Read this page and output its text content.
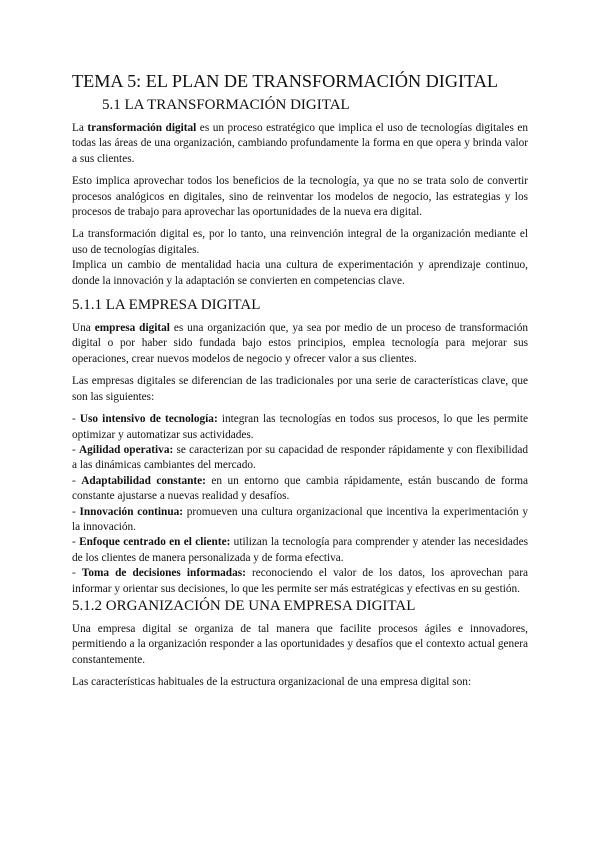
TEMA 5: EL PLAN DE TRANSFORMACIÓN DIGITAL
5.1 LA TRANSFORMACIÓN DIGITAL

La transformación digital es un proceso estratégico que implica el uso de tecnologías digitales en todas las áreas de una organización, cambiando profundamente la forma en que opera y brinda valor a sus clientes.

Esto implica aprovechar todos los beneficios de la tecnología, ya que no se trata solo de convertir procesos analógicos en digitales, sino de reinventar los modelos de negocio, las estrategias y los procesos de trabajo para aprovechar las oportunidades de la nueva era digital.

La transformación digital es, por lo tanto, una reinvención integral de la organización mediante el uso de tecnologías digitales.

Implica un cambio de mentalidad hacia una cultura de experimentación y aprendizaje continuo, donde la innovación y la adaptación se convierten en competencias clave.

5.1.1 LA EMPRESA DIGITAL

Una empresa digital es una organización que, ya sea por medio de un proceso de transformación digital o por haber sido fundada bajo estos principios, emplea tecnología para mejorar sus operaciones, crear nuevos modelos de negocio y ofrecer valor a sus clientes.

Las empresas digitales se diferencian de las tradicionales por una serie de características clave, que son las siguientes:

- Uso intensivo de tecnología: integran las tecnologías en todos sus procesos, lo que les permite optimizar y automatizar sus actividades.

- Agilidad operativa: se caracterizan por su capacidad de responder rápidamente y con flexibilidad a las dinámicas cambiantes del mercado.

- Adaptabilidad constante: en un entorno que cambia rápidamente, están buscando de forma constante ajustarse a nuevas realidad y desafíos.

- Innovación continua: promueven una cultura organizacional que incentiva la experimentación y la innovación.

- Enfoque centrado en el cliente: utilizan la tecnología para comprender y atender las necesidades de los clientes de manera personalizada y de forma efectiva.

- Toma de decisiones informadas: reconociendo el valor de los datos, los aprovechan para informar y orientar sus decisiones, lo que les permite ser más estratégicas y efectivas en su gestión.

5.1.2 ORGANIZACIÓN DE UNA EMPRESA DIGITAL

Una empresa digital se organiza de tal manera que facilite procesos ágiles e innovadores, permitiendo a la organización responder a las oportunidades y desafíos que el contexto actual genera constantemente.

Las características habituales de la estructura organizacional de una empresa digital son:
